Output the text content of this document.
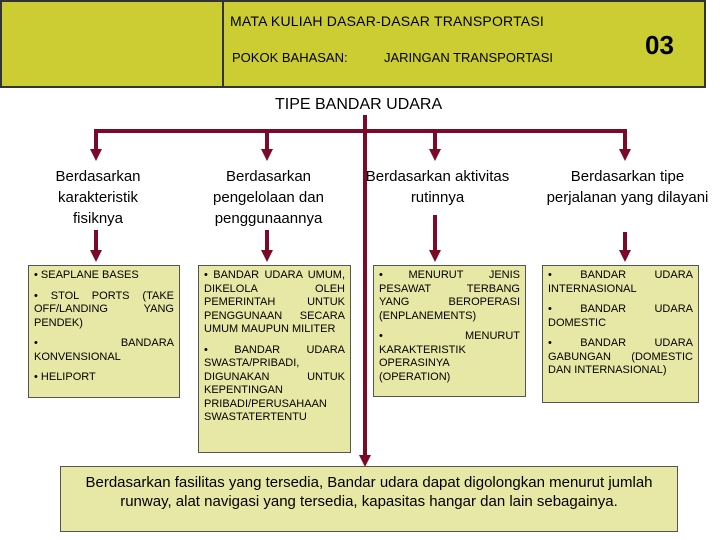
MATA KULIAH DASAR-DASAR TRANSPORTASI
POKOK BAHASAN:	JARINGAN TRANSPORTASI	03
TIPE BANDAR UDARA
Berdasarkan karakteristik fisiknya
Berdasarkan pengelolaan dan penggunaannya
Berdasarkan aktivitas rutinnya
Berdasarkan tipe perjalanan yang dilayani

• SEAPLANE BASES

• STOL PORTS (TAKE OFF/LANDING YANG PENDEK)

• BANDARA KONVENSIONAL

• HELIPORT

• BANDAR UDARA UMUM, DIKELOLA OLEH PEMERINTAH UNTUK PENGGUNAAN SECARA UMUM MAUPUN MILITER

• BANDAR UDARA SWASTA/PRIBADI, DIGUNAKAN UNTUK KEPENTINGAN PRIBADI/PERUSAHAAN SWASTATERTENTU

• MENURUT JENIS PESAWAT TERBANG YANG BEROPERASI (ENPLANEMENTS)

• MENURUT KARAKTERISTIK OPERASINYA (OPERATION)

• BANDAR UDARA INTERNASIONAL

• BANDAR UDARA DOMESTIC

• BANDAR UDARA GABUNGAN (DOMESTIC DAN INTERNASIONAL)

Berdasarkan fasilitas yang tersedia, Bandar udara dapat digolongkan menurut jumlah runway, alat navigasi yang tersedia, kapasitas hangar dan lain sebagainya.
